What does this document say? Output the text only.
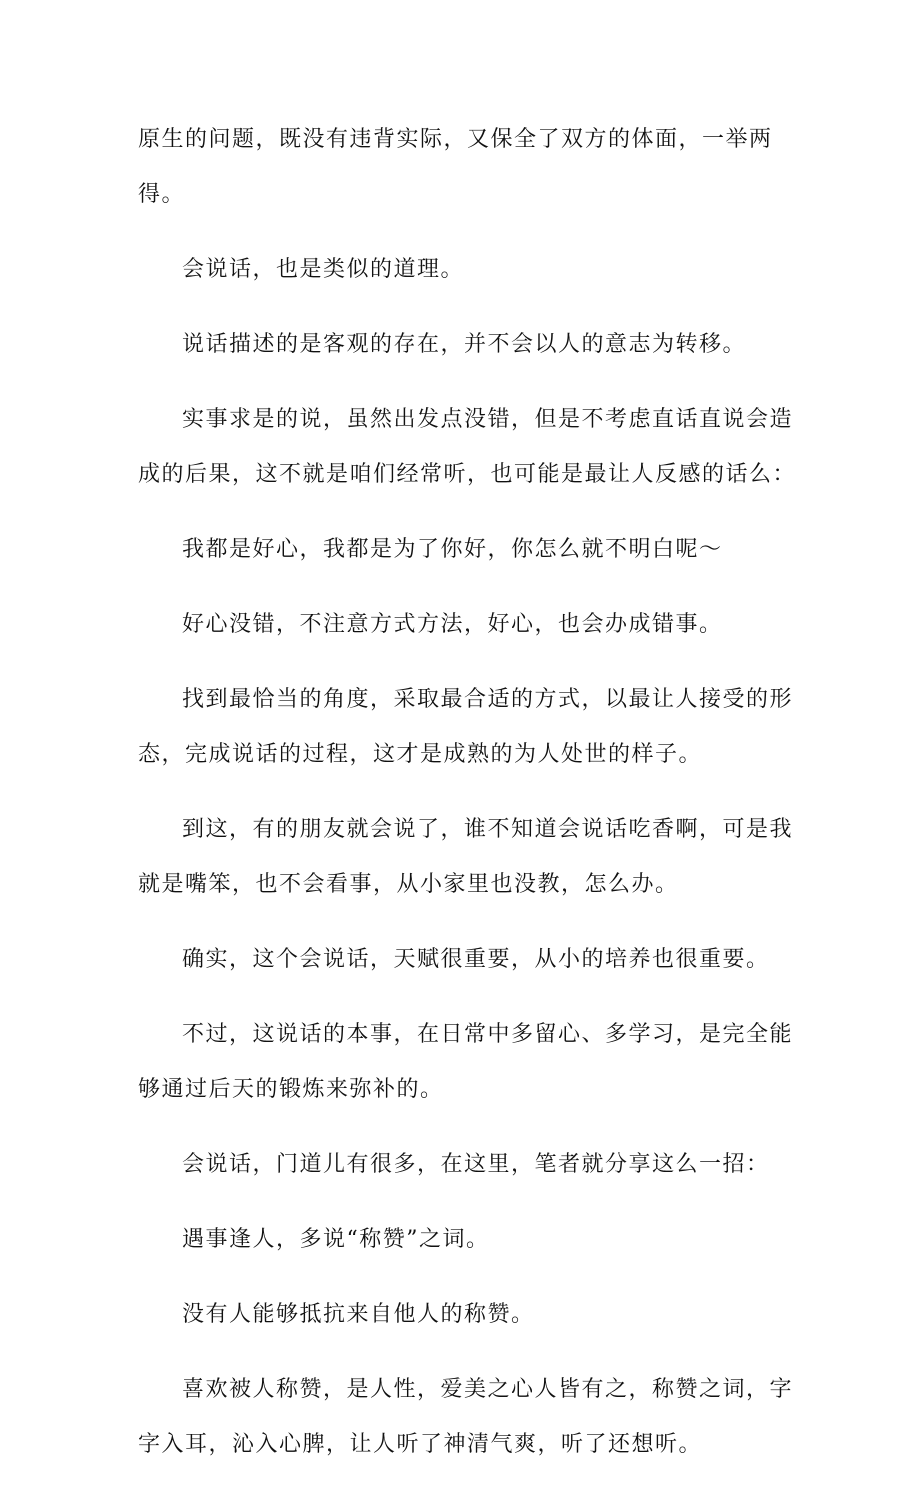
原生的问题，既没有违背实际，又保全了双方的体面，一举两得。

会说话，也是类似的道理。

说话描述的是客观的存在，并不会以人的意志为转移。

实事求是的说，虽然出发点没错，但是不考虑直话直说会造成的后果，这不就是咱们经常听，也可能是最让人反感的话么：

我都是好心，我都是为了你好，你怎么就不明白呢～

好心没错，不注意方式方法，好心，也会办成错事。

找到最恰当的角度，采取最合适的方式，以最让人接受的形态，完成说话的过程，这才是成熟的为人处世的样子。

到这，有的朋友就会说了，谁不知道会说话吃香啊，可是我就是嘴笨，也不会看事，从小家里也没教，怎么办。

确实，这个会说话，天赋很重要，从小的培养也很重要。

不过，这说话的本事，在日常中多留心、多学习，是完全能够通过后天的锻炼来弥补的。

会说话，门道儿有很多，在这里，笔者就分享这么一招：

遇事逢人，多说“称赞”之词。

没有人能够抵抗来自他人的称赞。

喜欢被人称赞，是人性，爱美之心人皆有之，称赞之词，字字入耳，沁入心脾，让人听了神清气爽，听了还想听。
